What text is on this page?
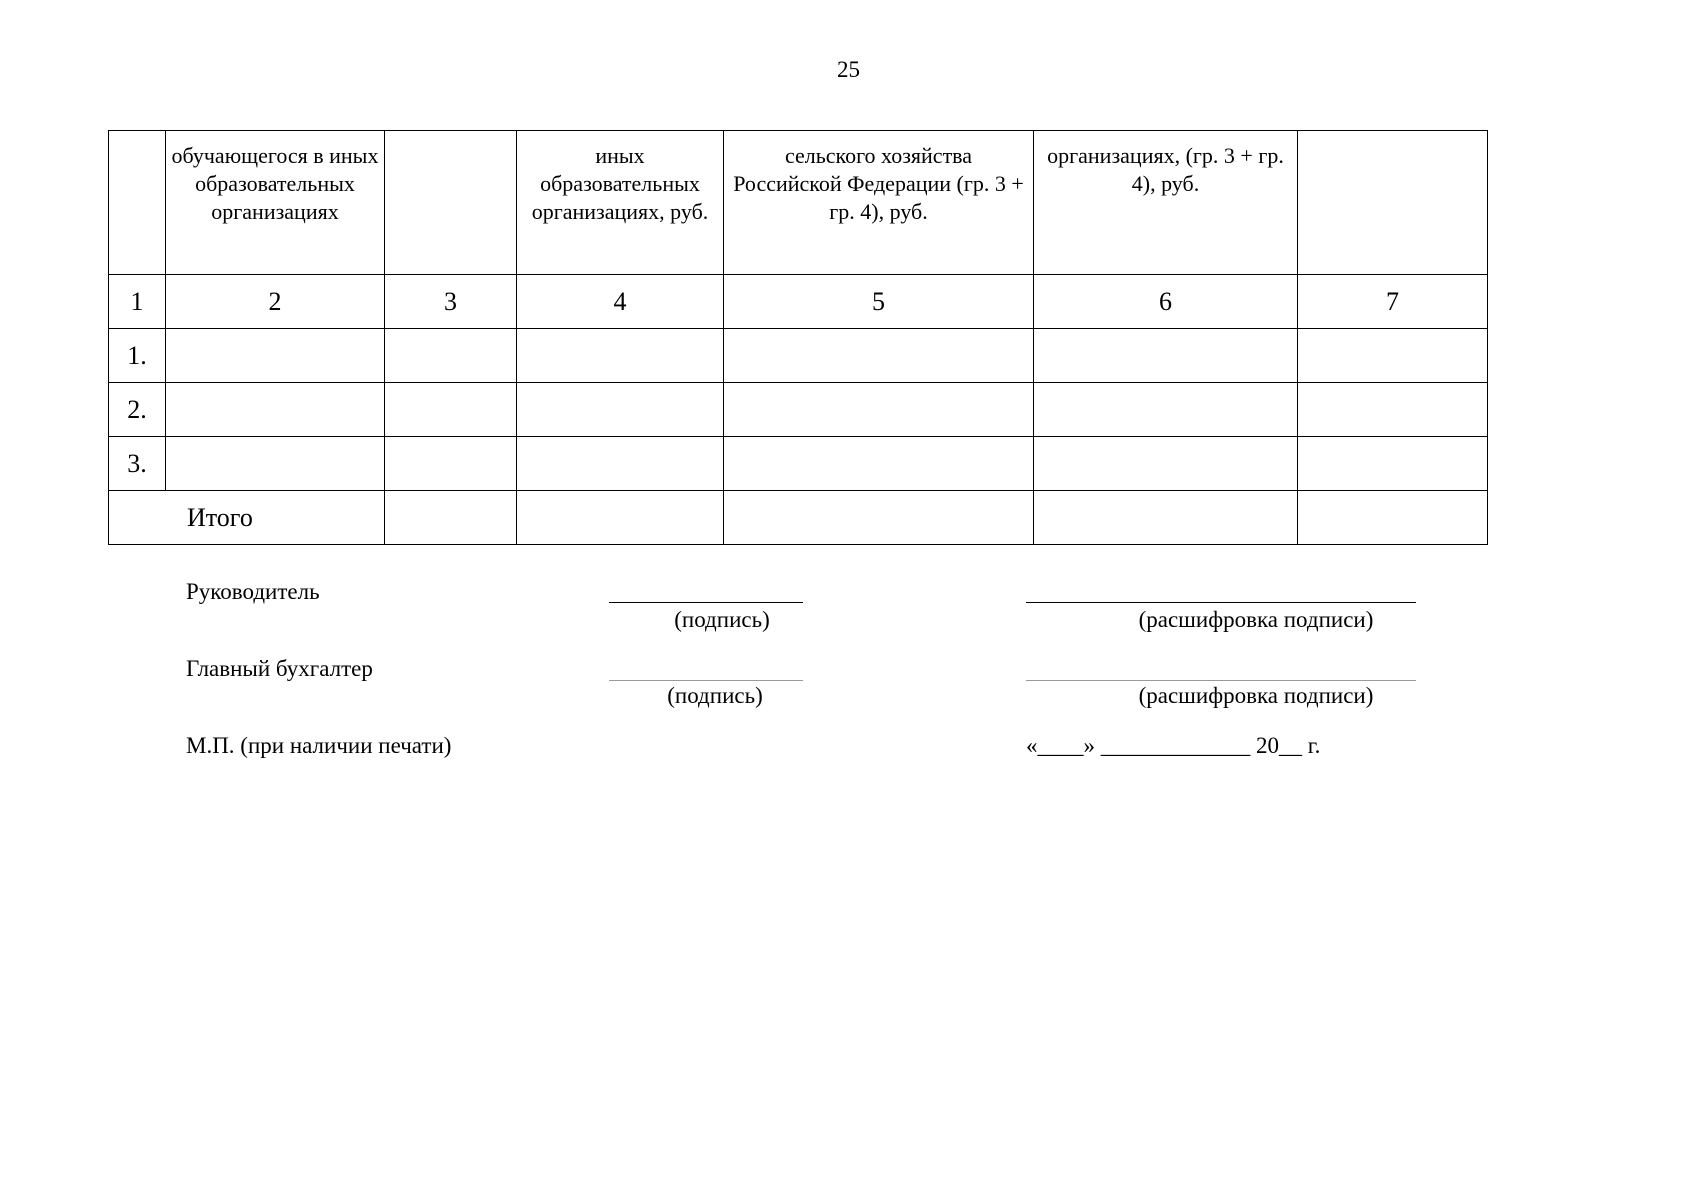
25
	обучающегося в иных образовательных организациях		иных образовательных организациях, руб.	сельского хозяйства Российской Федерации (гр. 3 + гр. 4), руб.	организациях, (гр. 3 + гр. 4), руб.	
1	2	3	4	5	6	7
1.						
2.						
3.						
Итого						
Руководитель
(подпись)	(расшифровка подписи)
Главный бухгалтер
(подпись)	(расшифровка подписи)
М.П. (при наличии печати)	«____» _____________ 20__ г.
